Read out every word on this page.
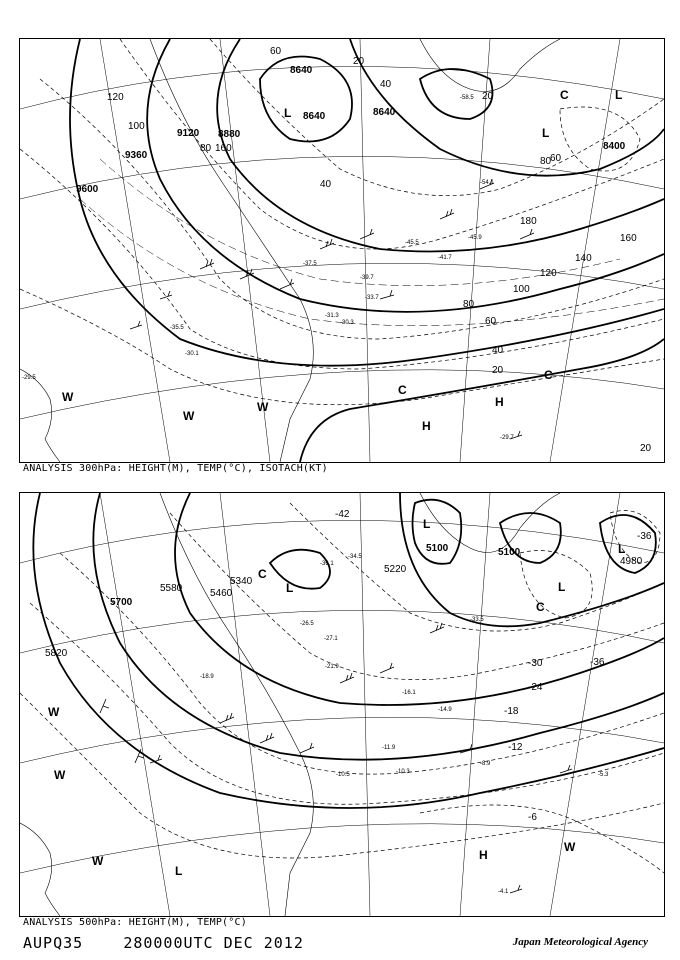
8640
8640	8640
8400
9120 8880
9360
9600
120
100
80
60
160
20
40
80
60
20
180
160
140
120
100
80
60
40
20
20
40	-54.1
-58.5
-45.9
-41.7
-45.5
-37.5
-35.5
-30.1
-29.7
-29.5
-31.3
-39.7
-33.7
-30.3
L
L
L
C
C
C
H
H
W
W
W
ANALYSIS 300hPa: HEIGHT(M), TEMP(°C), ISOTACH(KT)
5100	5100
5220
5340
5460
5580
5700
5820
4980
-42
-36
-36
-30
-24
-18
-12
-6
-36.1
-34.5
-33.5
-27.1
-26.5
-21.9
-18.9
-16.1
-14.9
-11.9
-10.3
-10.5
-8.9
-5.3
-4.1
L
L
L
L
L
C
C
H
W
W
W
W
ANALYSIS 500hPa: HEIGHT(M), TEMP(°C)
AUPQ35	280000UTC DEC 2012	Japan Meteorological Agency
